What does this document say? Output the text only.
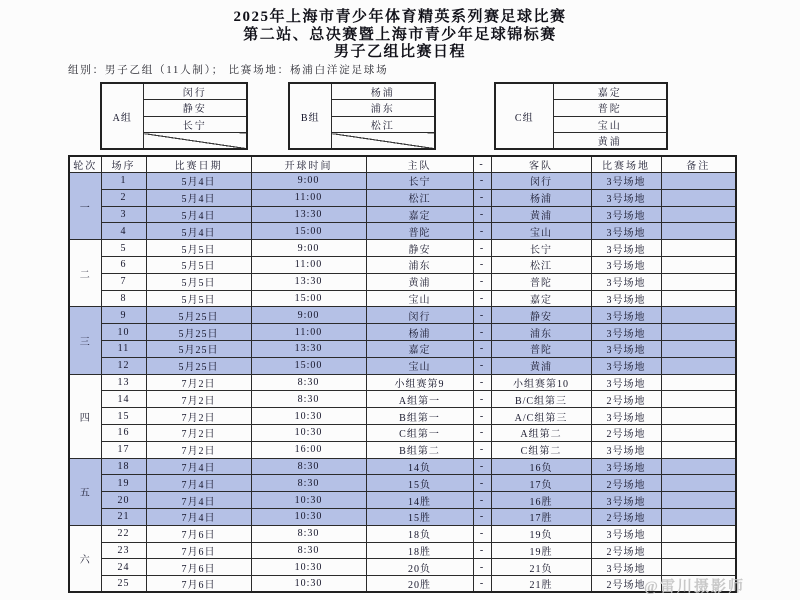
2025年上海市青少年体育精英系列赛足球比赛
第二站、总决赛暨上海市青少年足球锦标赛
男子乙组比赛日程
组别：男子乙组（11人制）； 比赛场地：杨浦白洋淀足球场
A组	闵行
静安
长宁

B组	杨浦
浦东
松江

C组	嘉定
普陀
宝山
黄浦
轮次	场序	比赛日期	开球时间	主队	-	客队	比赛场地	备注
一	1	5月4日	9:00	长宁	-	闵行	3号场地	
	2	5月4日	11:00	松江	-	杨浦	3号场地	
	3	5月4日	13:30	嘉定	-	黄浦	3号场地	
	4	5月4日	15:00	普陀	-	宝山	3号场地	
二	5	5月5日	9:00	静安	-	长宁	3号场地	
	6	5月5日	11:00	浦东	-	松江	3号场地	
	7	5月5日	13:30	黄浦	-	普陀	3号场地	
	8	5月5日	15:00	宝山	-	嘉定	3号场地	
三	9	5月25日	9:00	闵行	-	静安	3号场地	
	10	5月25日	11:00	杨浦	-	浦东	3号场地	
	11	5月25日	13:30	嘉定	-	普陀	3号场地	
	12	5月25日	15:00	宝山	-	黄浦	3号场地	
四	13	7月2日	8:30	小组赛第9	-	小组赛第10	3号场地	
	14	7月2日	8:30	A组第一	-	B/C组第三	2号场地	
	15	7月2日	10:30	B组第一	-	A/C组第三	3号场地	
	16	7月2日	10:30	C组第一	-	A组第二	2号场地	
	17	7月2日	16:00	B组第二	-	C组第二	3号场地	
五	18	7月4日	8:30	14负	-	16负	3号场地	
	19	7月4日	8:30	15负	-	17负	2号场地	
	20	7月4日	10:30	14胜	-	16胜	3号场地	
	21	7月4日	10:30	15胜	-	17胜	2号场地	
六	22	7月6日	8:30	18负	-	19负	3号场地	
	23	7月6日	8:30	18胜	-	19胜	2号场地	
	24	7月6日	10:30	20负	-	21负	3号场地	
	25	7月6日	10:30	20胜	-	21胜	2号场地	
@雷川摄影师
